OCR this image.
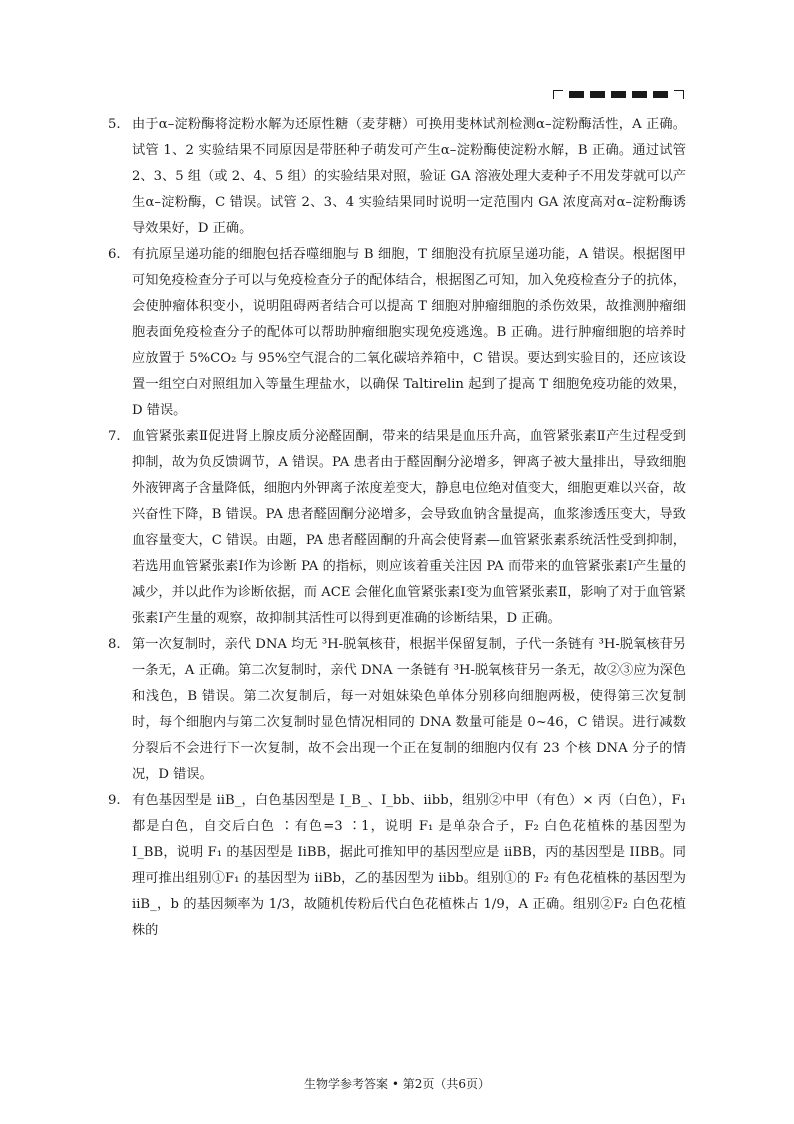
5. 由于α–淀粉酶将淀粉水解为还原性糖（麦芽糖）可换用斐林试剂检测α–淀粉酶活性，A 正确。试管 1、2 实验结果不同原因是带胚种子萌发可产生α–淀粉酶使淀粉水解，B 正确。通过试管 2、3、5 组（或 2、4、5 组）的实验结果对照，验证 GA 溶液处理大麦种子不用发芽就可以产生α–淀粉酶，C 错误。试管 2、3、4 实验结果同时说明一定范围内 GA 浓度高对α–淀粉酶诱导效果好，D 正确。
6. 有抗原呈递功能的细胞包括吞噬细胞与 B 细胞，T 细胞没有抗原呈递功能，A 错误。根据图甲可知免疫检查分子可以与免疫检查分子的配体结合，根据图乙可知，加入免疫检查分子的抗体，会使肿瘤体积变小，说明阻碍两者结合可以提高 T 细胞对肿瘤细胞的杀伤效果，故推测肿瘤细胞表面免疫检查分子的配体可以帮助肿瘤细胞实现免疫逃逸。B 正确。进行肿瘤细胞的培养时应放置于 5%CO₂ 与 95%空气混合的二氧化碳培养箱中，C 错误。要达到实验目的，还应该设置一组空白对照组加入等量生理盐水，以确保 Taltirelin 起到了提高 T 细胞免疫功能的效果，D 错误。
7. 血管紧张素Ⅱ促进肾上腺皮质分泌醛固酮，带来的结果是血压升高，血管紧张素Ⅱ产生过程受到抑制，故为负反馈调节，A 错误。PA 患者由于醛固酮分泌增多，钾离子被大量排出，导致细胞外液钾离子含量降低，细胞内外钾离子浓度差变大，静息电位绝对值变大，细胞更难以兴奋，故兴奋性下降，B 错误。PA 患者醛固酮分泌增多，会导致血钠含量提高，血浆渗透压变大，导致血容量变大，C 错误。由题，PA 患者醛固酮的升高会使肾素—血管紧张素系统活性受到抑制，若选用血管紧张素Ⅰ作为诊断 PA 的指标，则应该着重关注因 PA 而带来的血管紧张素Ⅰ产生量的减少，并以此作为诊断依据，而 ACE 会催化血管紧张素Ⅰ变为血管紧张素Ⅱ，影响了对于血管紧张素Ⅰ产生量的观察，故抑制其活性可以得到更准确的诊断结果，D 正确。
8. 第一次复制时，亲代 DNA 均无 ³H-脱氧核苷，根据半保留复制，子代一条链有 ³H-脱氧核苷另一条无，A 正确。第二次复制时，亲代 DNA 一条链有 ³H-脱氧核苷另一条无，故②③应为深色和浅色，B 错误。第二次复制后，每一对姐妹染色单体分别移向细胞两极，使得第三次复制时，每个细胞内与第二次复制时显色情况相同的 DNA 数量可能是 0~46，C 错误。进行减数分裂后不会进行下一次复制，故不会出现一个正在复制的细胞内仅有 23 个核 DNA 分子的情况，D 错误。
9. 有色基因型是 iiB_，白色基因型是 I_B_、I_bb、iibb，组别②中甲（有色）× 丙（白色），F₁ 都是白色，自交后白色 ∶有色=3 ∶1，说明 F₁ 是单杂合子，F₂ 白色花植株的基因型为 I_BB，说明 F₁ 的基因型是 IiBB，据此可推知甲的基因型应是 iiBB，丙的基因型是 IIBB。同理可推出组别①F₁ 的基因型为 iiBb，乙的基因型为 iibb。组别①的 F₂ 有色花植株的基因型为 iiB_，b 的基因频率为 1/3，故随机传粉后代白色花植株占 1/9，A 正确。组别②F₂ 白色花植株的
生物学参考答案 • 第2页（共6页）
